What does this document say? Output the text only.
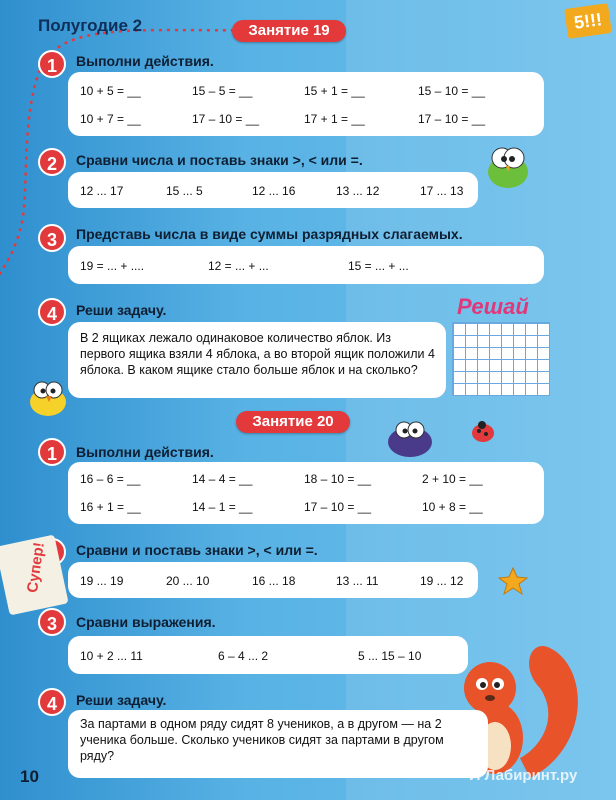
Полугодие 2	5!!!
Занятие 19
1	Выполни действия.
10 + 5 = __	15 – 5 = __	15 + 1 = __	15 – 10 = __
10 + 7 = __	17 – 10 = __	17 + 1 = __	17 – 10 = __
2	Сравни числа и поставь знаки >, < или =.
12 ... 17	15 ... 5	12 ... 16	13 ... 12	17 ... 13
3	Представь числа в виде суммы разрядных слагаемых.
19 = ... + ....	12 = ... + ...	15 = ... + ...
4	Реши задачу.
В 2 ящиках лежало одинаковое количество яблок. Из первого ящика взяли 4 яблока, а во второй ящик положили 4 яблока. В каком ящике стало больше яблок и на сколько?
Решай
Занятие 20
1	Выполни действия.
16 – 6 = __	14 – 4 = __	18 – 10 = __	2 + 10 = __
16 + 1 = __	14 – 1 = __	17 – 10 = __	10 + 8 = __
Сравни и поставь знаки >, < или =.
19 ... 19	20 ... 10	16 ... 18	13 ... 11	19 ... 12
3	Сравни выражения.
10 + 2 ... 11	6 – 4 ... 2	5 ... 15 – 10
4	Реши задачу.
За партами в одном ряду сидят 8 учеников, а в другом — на 2 ученика больше. Сколько учеников сидят за партами в другом ряду?
Супер!
10	Л Лабиринт.ру
